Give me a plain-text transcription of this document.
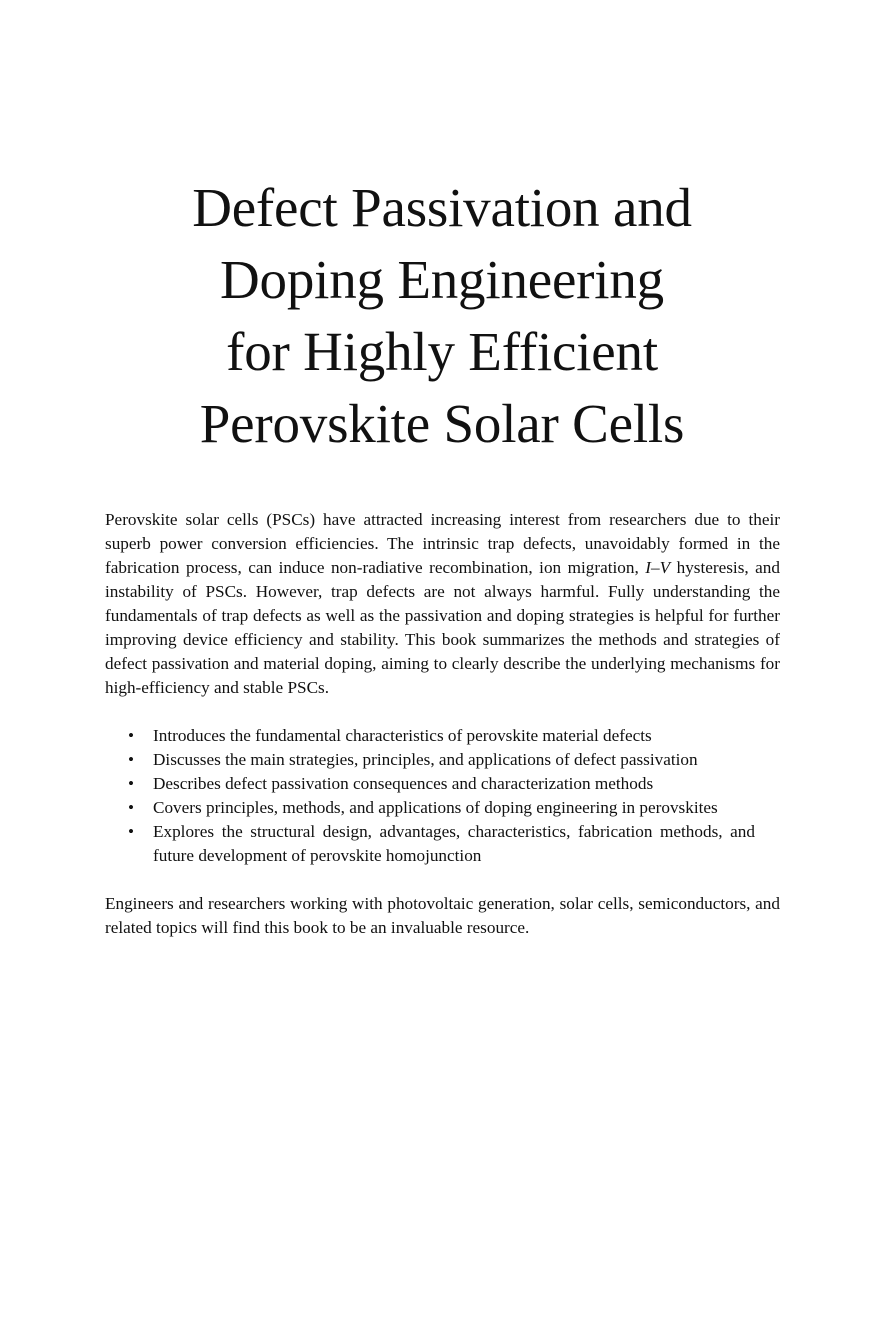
Defect Passivation and
Doping Engineering
for Highly Efficient
Perovskite Solar Cells

Perovskite solar cells (PSCs) have attracted increasing interest from researchers due to their superb power conversion efficiencies. The intrinsic trap defects, unavoidably formed in the fabrication process, can induce non-radiative recombination, ion migration, I–V hysteresis, and instability of PSCs. However, trap defects are not always harmful. Fully understanding the fundamentals of trap defects as well as the passivation and doping strategies is helpful for further improving device efficiency and stability. This book summarizes the methods and strategies of defect passivation and material doping, aiming to clearly describe the underlying mechanisms for high-efficiency and stable PSCs.

• Introduces the fundamental characteristics of perovskite material defects
• Discusses the main strategies, principles, and applications of defect passivation
• Describes defect passivation consequences and characterization methods
• Covers principles, methods, and applications of doping engineering in perovskites
• Explores the structural design, advantages, characteristics, fabrication methods, and future development of perovskite homojunction

Engineers and researchers working with photovoltaic generation, solar cells, semiconductors, and related topics will find this book to be an invaluable resource.
